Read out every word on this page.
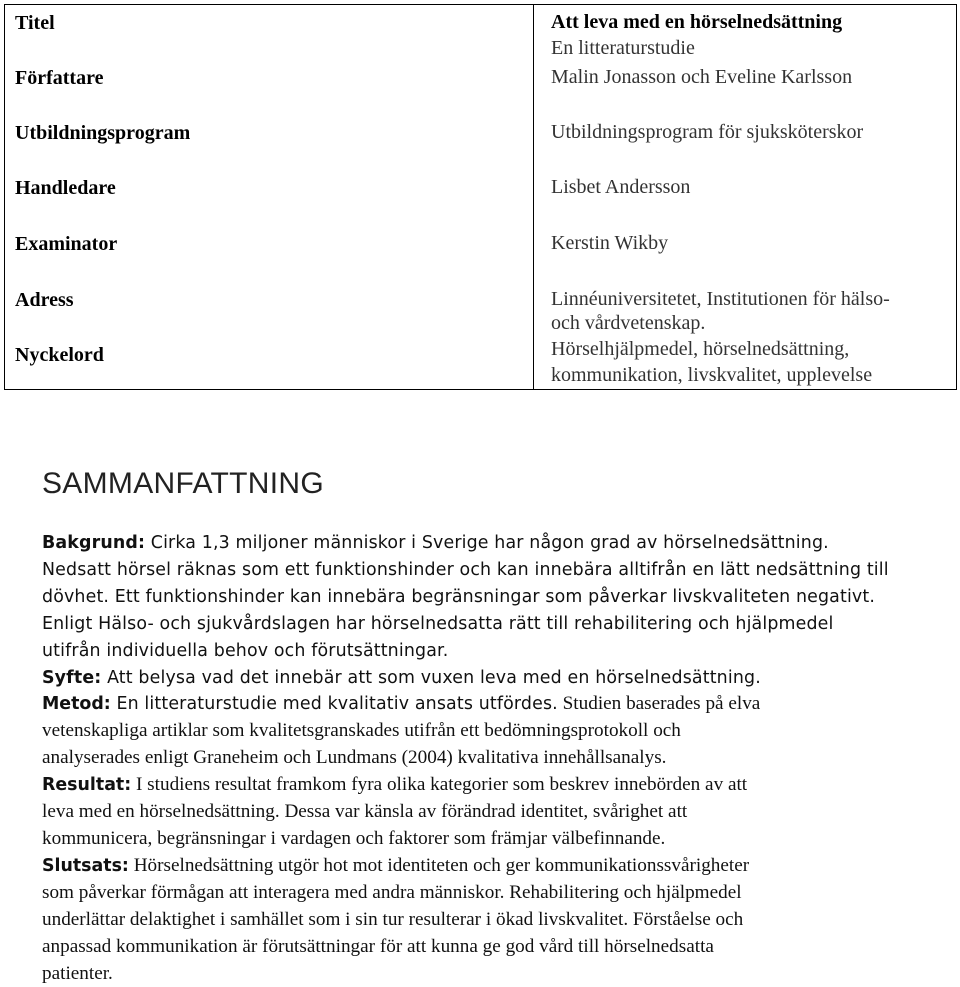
Titel	Att leva med en hörselnedsättning
En litteraturstudie
Författare	Malin Jonasson och Eveline Karlsson
Utbildningsprogram	Utbildningsprogram för sjuksköterskor
Handledare	Lisbet Andersson
Examinator	Kerstin Wikby
Adress	Linnéuniversitetet, Institutionen för hälso-
och vårdvetenskap.
Nyckelord	Hörselhjälpmedel, hörselnedsättning,
kommunikation, livskvalitet, upplevelse
SAMMANFATTNING
Bakgrund: Cirka 1,3 miljoner människor i Sverige har någon grad av hörselnedsättning.
Nedsatt hörsel räknas som ett funktionshinder och kan innebära alltifrån en lätt nedsättning till
dövhet. Ett funktionshinder kan innebära begränsningar som påverkar livskvaliteten negativt.
Enligt Hälso- och sjukvårdslagen har hörselnedsatta rätt till rehabilitering och hjälpmedel
utifrån individuella behov och förutsättningar.
Syfte: Att belysa vad det innebär att som vuxen leva med en hörselnedsättning.
Metod: En litteraturstudie med kvalitativ ansats utfördes. Studien baserades på elva
vetenskapliga artiklar som kvalitetsgranskades utifrån ett bedömningsprotokoll och
analyserades enligt Graneheim och Lundmans (2004) kvalitativa innehållsanalys.
Resultat: I studiens resultat framkom fyra olika kategorier som beskrev innebörden av att
leva med en hörselnedsättning. Dessa var känsla av förändrad identitet, svårighet att
kommunicera, begränsningar i vardagen och faktorer som främjar välbefinnande.
Slutsats: Hörselnedsättning utgör hot mot identiteten och ger kommunikationssvårigheter
som påverkar förmågan att interagera med andra människor. Rehabilitering och hjälpmedel
underlättar delaktighet i samhället som i sin tur resulterar i ökad livskvalitet. Förståelse och
anpassad kommunikation är förutsättningar för att kunna ge god vård till hörselnedsatta
patienter.
